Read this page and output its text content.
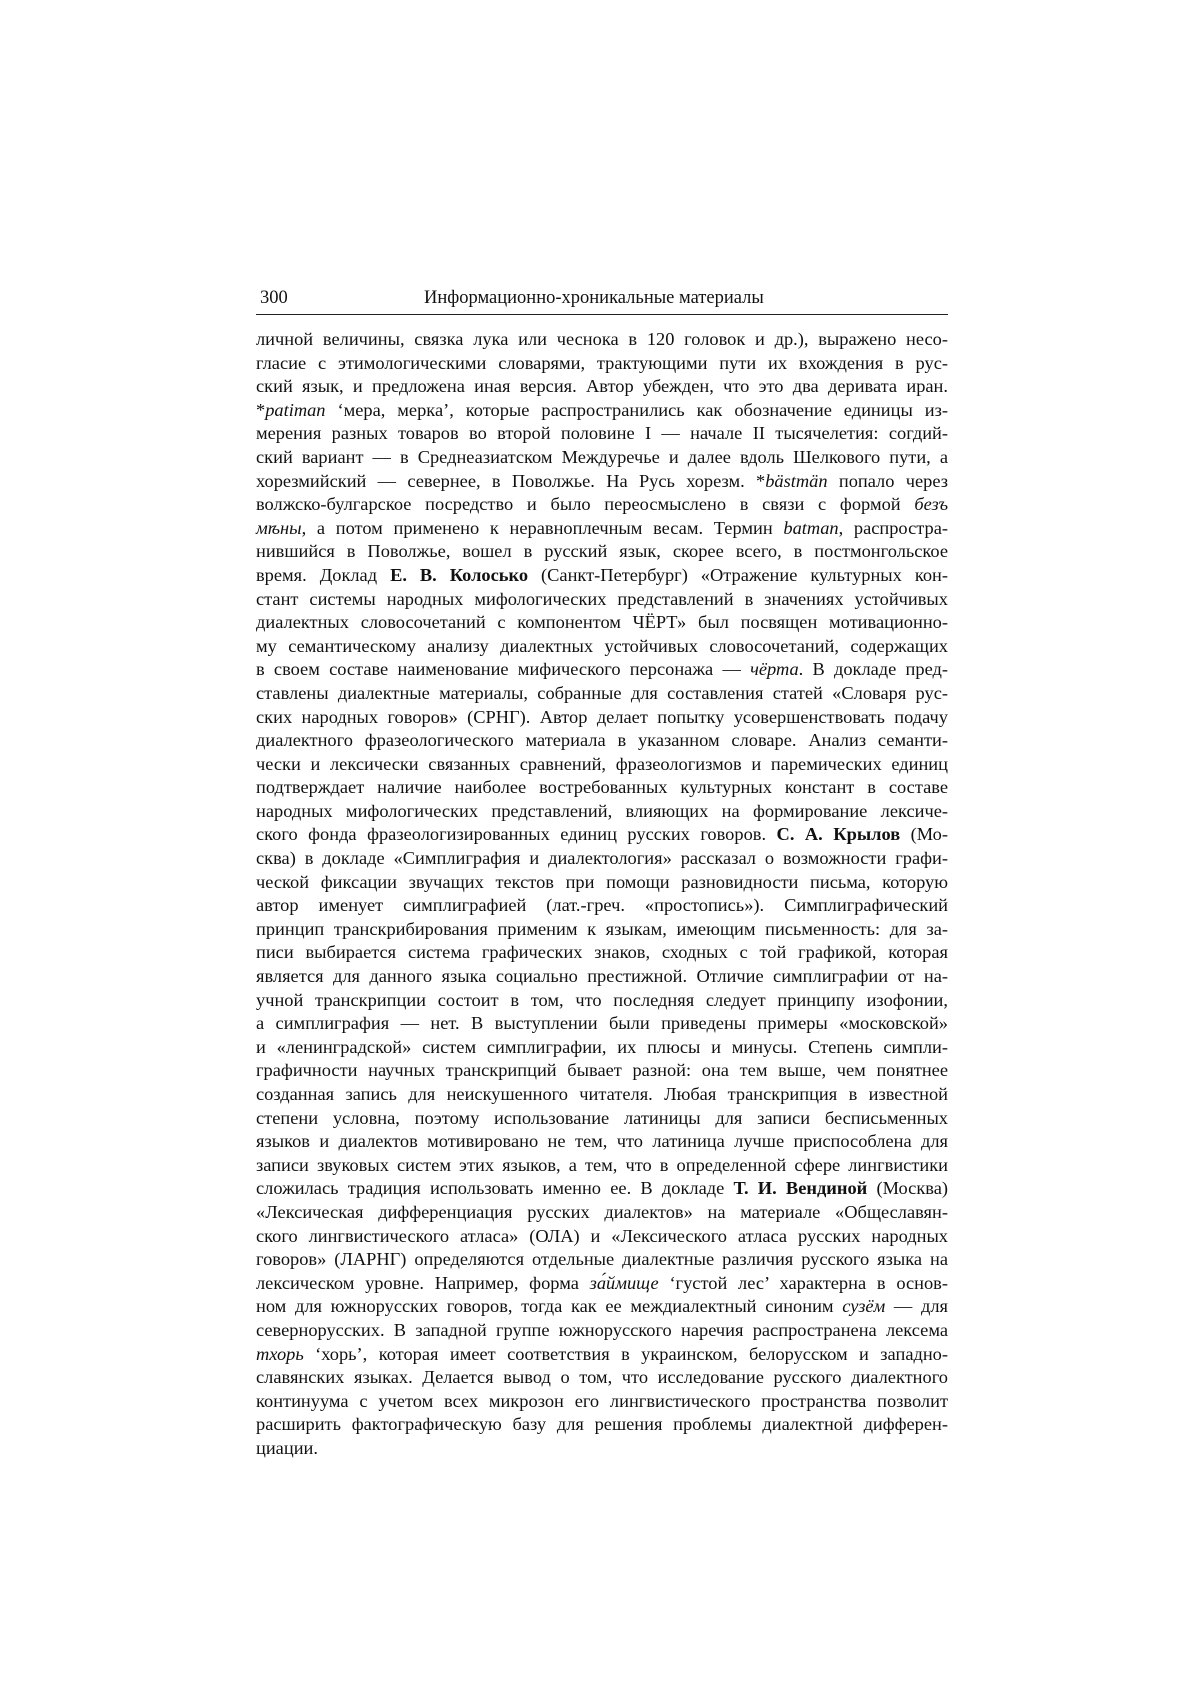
300	Информационно-хроникальные материалы
личной величины, связка лука или чеснока в 120 головок и др.), выражено несо-
гласие с этимологическими словарями, трактующими пути их вхождения в рус-
ский язык, и предложена иная версия. Автор убежден, что это два деривата иран.
*patiman ‘мера, мерка’, которые распространились как обозначение единицы из-
мерения разных товаров во второй половине I — начале II тысячелетия: согдий-
ский вариант — в Среднеазиатском Междуречье и далее вдоль Шелкового пути, а
хорезмийский — севернее, в Поволжье. На Русь хорезм. *bästmän попало через
волжско-булгарское посредство и было переосмыслено в связи с формой безъ
мѣны, а потом применено к неравноплечным весам. Термин batman, распростра-
нившийся в Поволжье, вошел в русский язык, скорее всего, в постмонгольское
время. Доклад Е. В. Колосько (Санкт-Петербург) «Отражение культурных кон-
стант системы народных мифологических представлений в значениях устойчивых
диалектных словосочетаний с компонентом ЧЁРТ» был посвящен мотивационно-
му семантическому анализу диалектных устойчивых словосочетаний, содержащих
в своем составе наименование мифического персонажа — чёрта. В докладе пред-
ставлены диалектные материалы, собранные для составления статей «Словаря рус-
ских народных говоров» (СРНГ). Автор делает попытку усовершенствовать подачу
диалектного фразеологического материала в указанном словаре. Анализ семанти-
чески и лексически связанных сравнений, фразеологизмов и паремических единиц
подтверждает наличие наиболее востребованных культурных констант в составе
народных мифологических представлений, влияющих на формирование лексиче-
ского фонда фразеологизированных единиц русских говоров. С. А. Крылов (Мо-
сква) в докладе «Симплиграфия и диалектология» рассказал о возможности графи-
ческой фиксации звучащих текстов при помощи разновидности письма, которую
автор именует симплиграфией (лат.-греч. «простопись»). Симплиграфический
принцип транскрибирования применим к языкам, имеющим письменность: для за-
писи выбирается система графических знаков, сходных с той графикой, которая
является для данного языка социально престижной. Отличие симплиграфии от на-
учной транскрипции состоит в том, что последняя следует принципу изофонии,
а симплиграфия — нет. В выступлении были приведены примеры «московской»
и «ленинградской» систем симплиграфии, их плюсы и минусы. Степень симпли-
графичности научных транскрипций бывает разной: она тем выше, чем понятнее
созданная запись для неискушенного читателя. Любая транскрипция в известной
степени условна, поэтому использование латиницы для записи бесписьменных
языков и диалектов мотивировано не тем, что латиница лучше приспособлена для
записи звуковых систем этих языков, а тем, что в определенной сфере лингвистики
сложилась традиция использовать именно ее. В докладе Т. И. Вендиной (Москва)
«Лексическая дифференциация русских диалектов» на материале «Общеславян-
ского лингвистического атласа» (ОЛА) и «Лексического атласа русских народных
говоров» (ЛАРНГ) определяются отдельные диалектные различия русского языка на
лексическом уровне. Например, форма за́ймище ‘густой лес’ характерна в основ-
ном для южнорусских говоров, тогда как ее междиалектный синоним сузём — для
севернорусских. В западной группе южнорусского наречия распространена лексема
тхорь ‘хорь’, которая имеет соответствия в украинском, белорусском и западно-
славянских языках. Делается вывод о том, что исследование русского диалектного
континуума с учетом всех микрозон его лингвистического пространства позволит
расширить фактографическую базу для решения проблемы диалектной дифферен-
циации.
